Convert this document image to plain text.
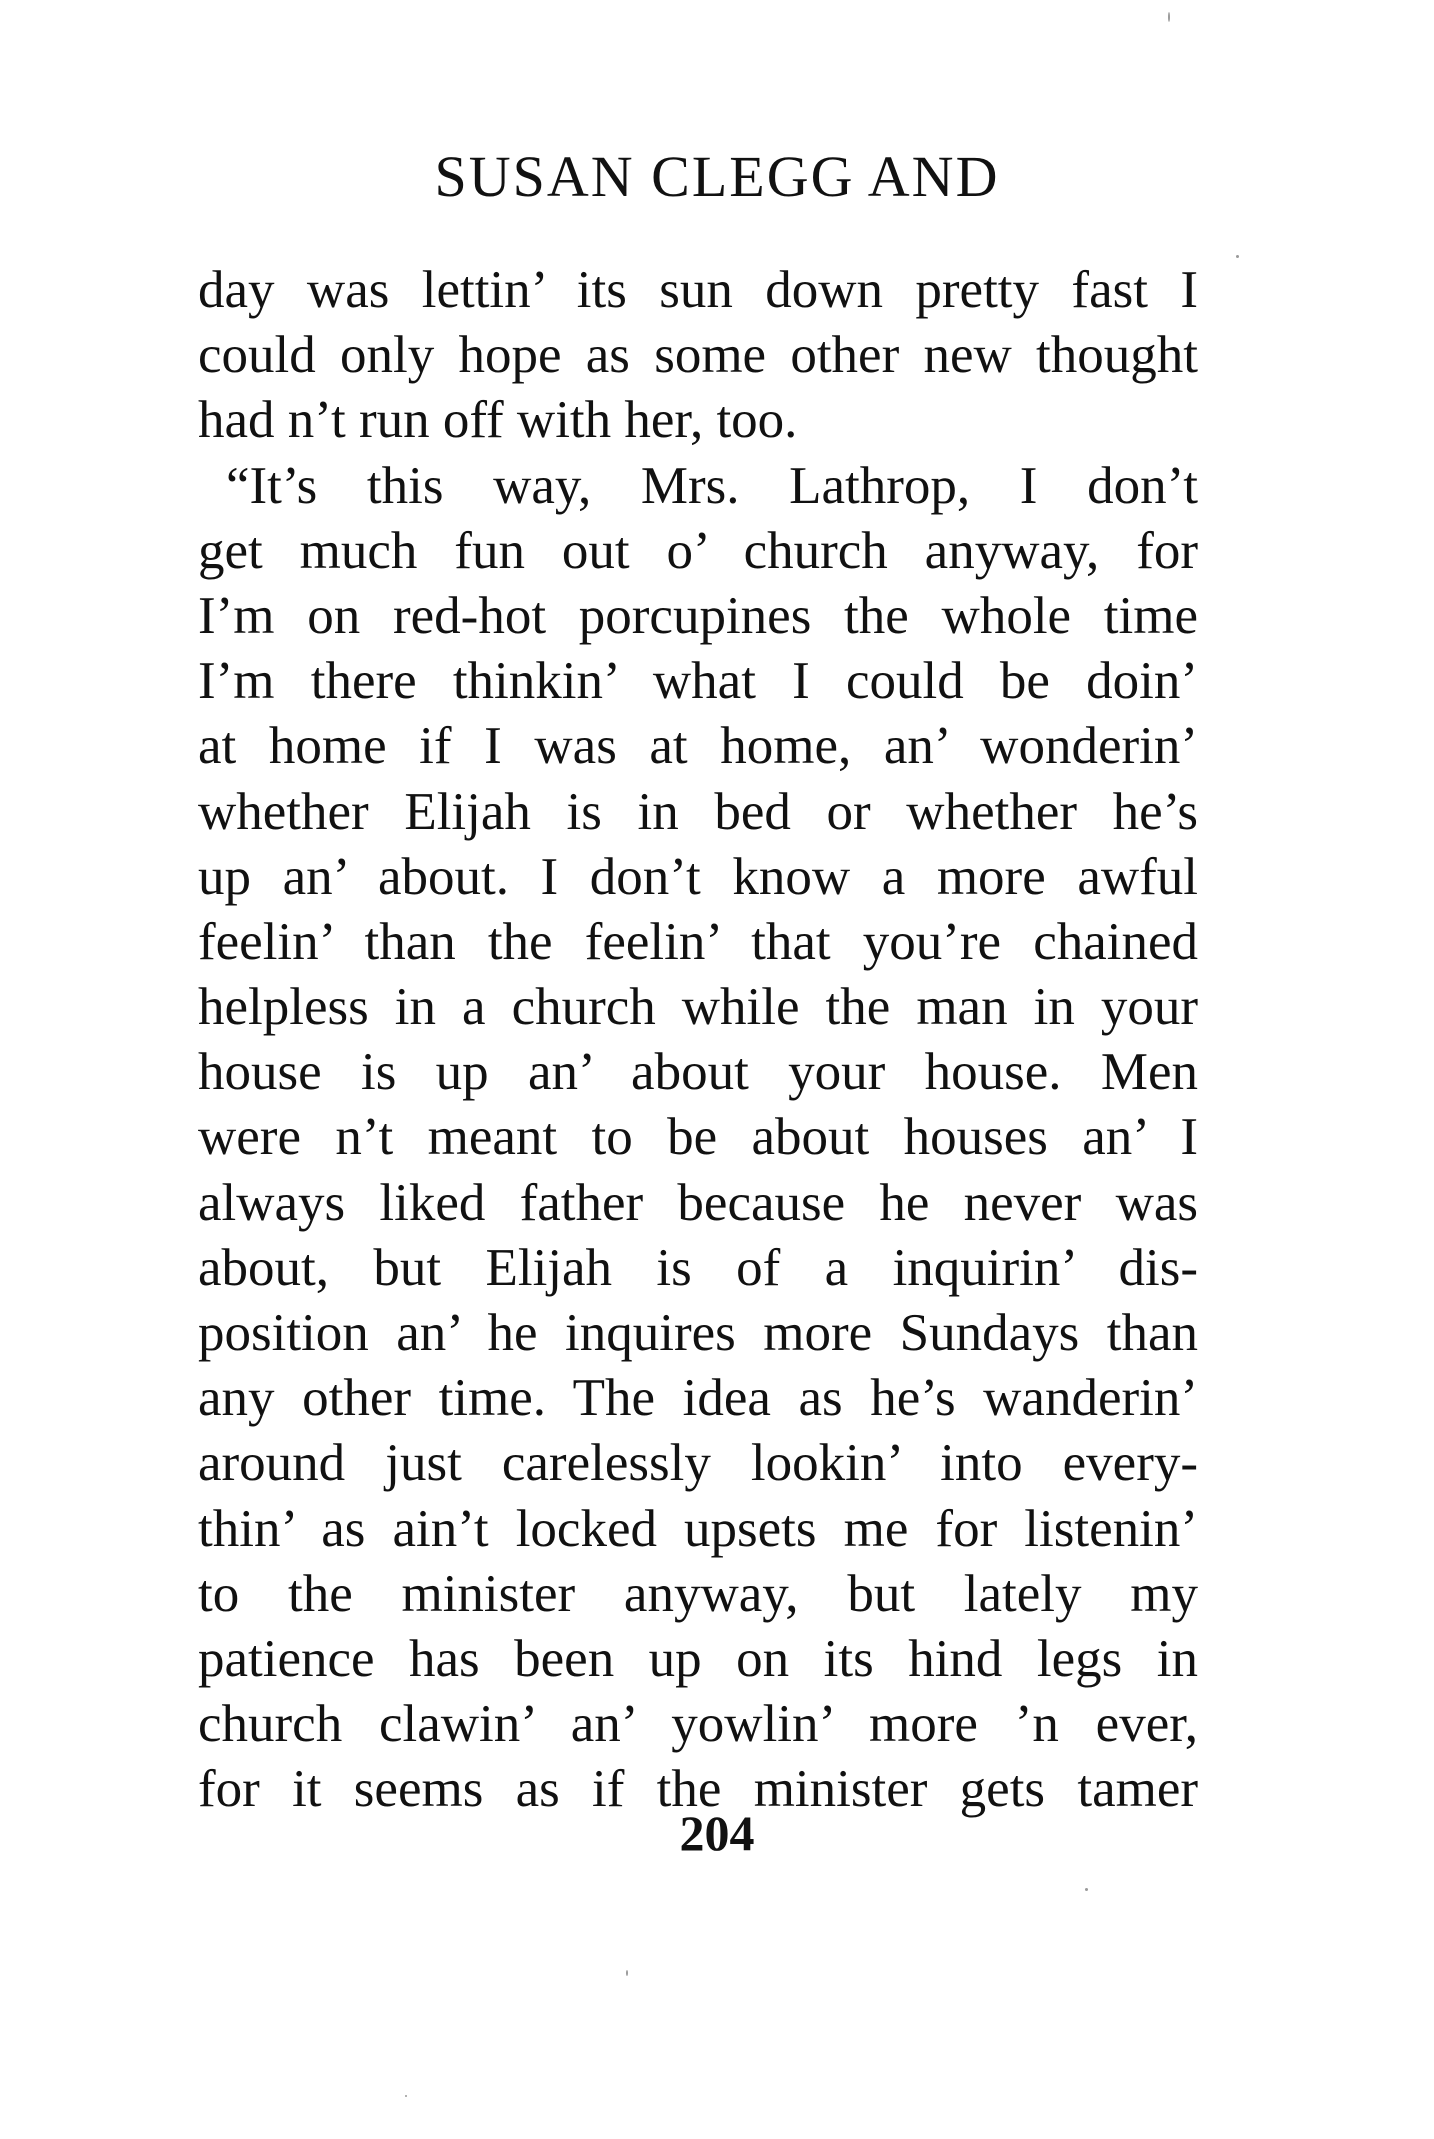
SUSAN CLEGG AND
day was lettin’ its sun down pretty fast I
could only hope as some other new thought
had n’t run off with her, too.
“It’s this way, Mrs. Lathrop, I don’t
get much fun out o’ church anyway, for
I’m on red-hot porcupines the whole time
I’m there thinkin’ what I could be doin’
at home if I was at home, an’ wonderin’
whether Elijah is in bed or whether he’s
up an’ about. I don’t know a more awful
feelin’ than the feelin’ that you’re chained
helpless in a church while the man in your
house is up an’ about your house. Men
were n’t meant to be about houses an’ I
always liked father because he never was
about, but Elijah is of a inquirin’ dis-
position an’ he inquires more Sundays than
any other time. The idea as he’s wanderin’
around just carelessly lookin’ into every-
thin’ as ain’t locked upsets me for listenin’
to the minister anyway, but lately my
patience has been up on its hind legs in
church clawin’ an’ yowlin’ more ’n ever,
for it seems as if the minister gets tamer
204
